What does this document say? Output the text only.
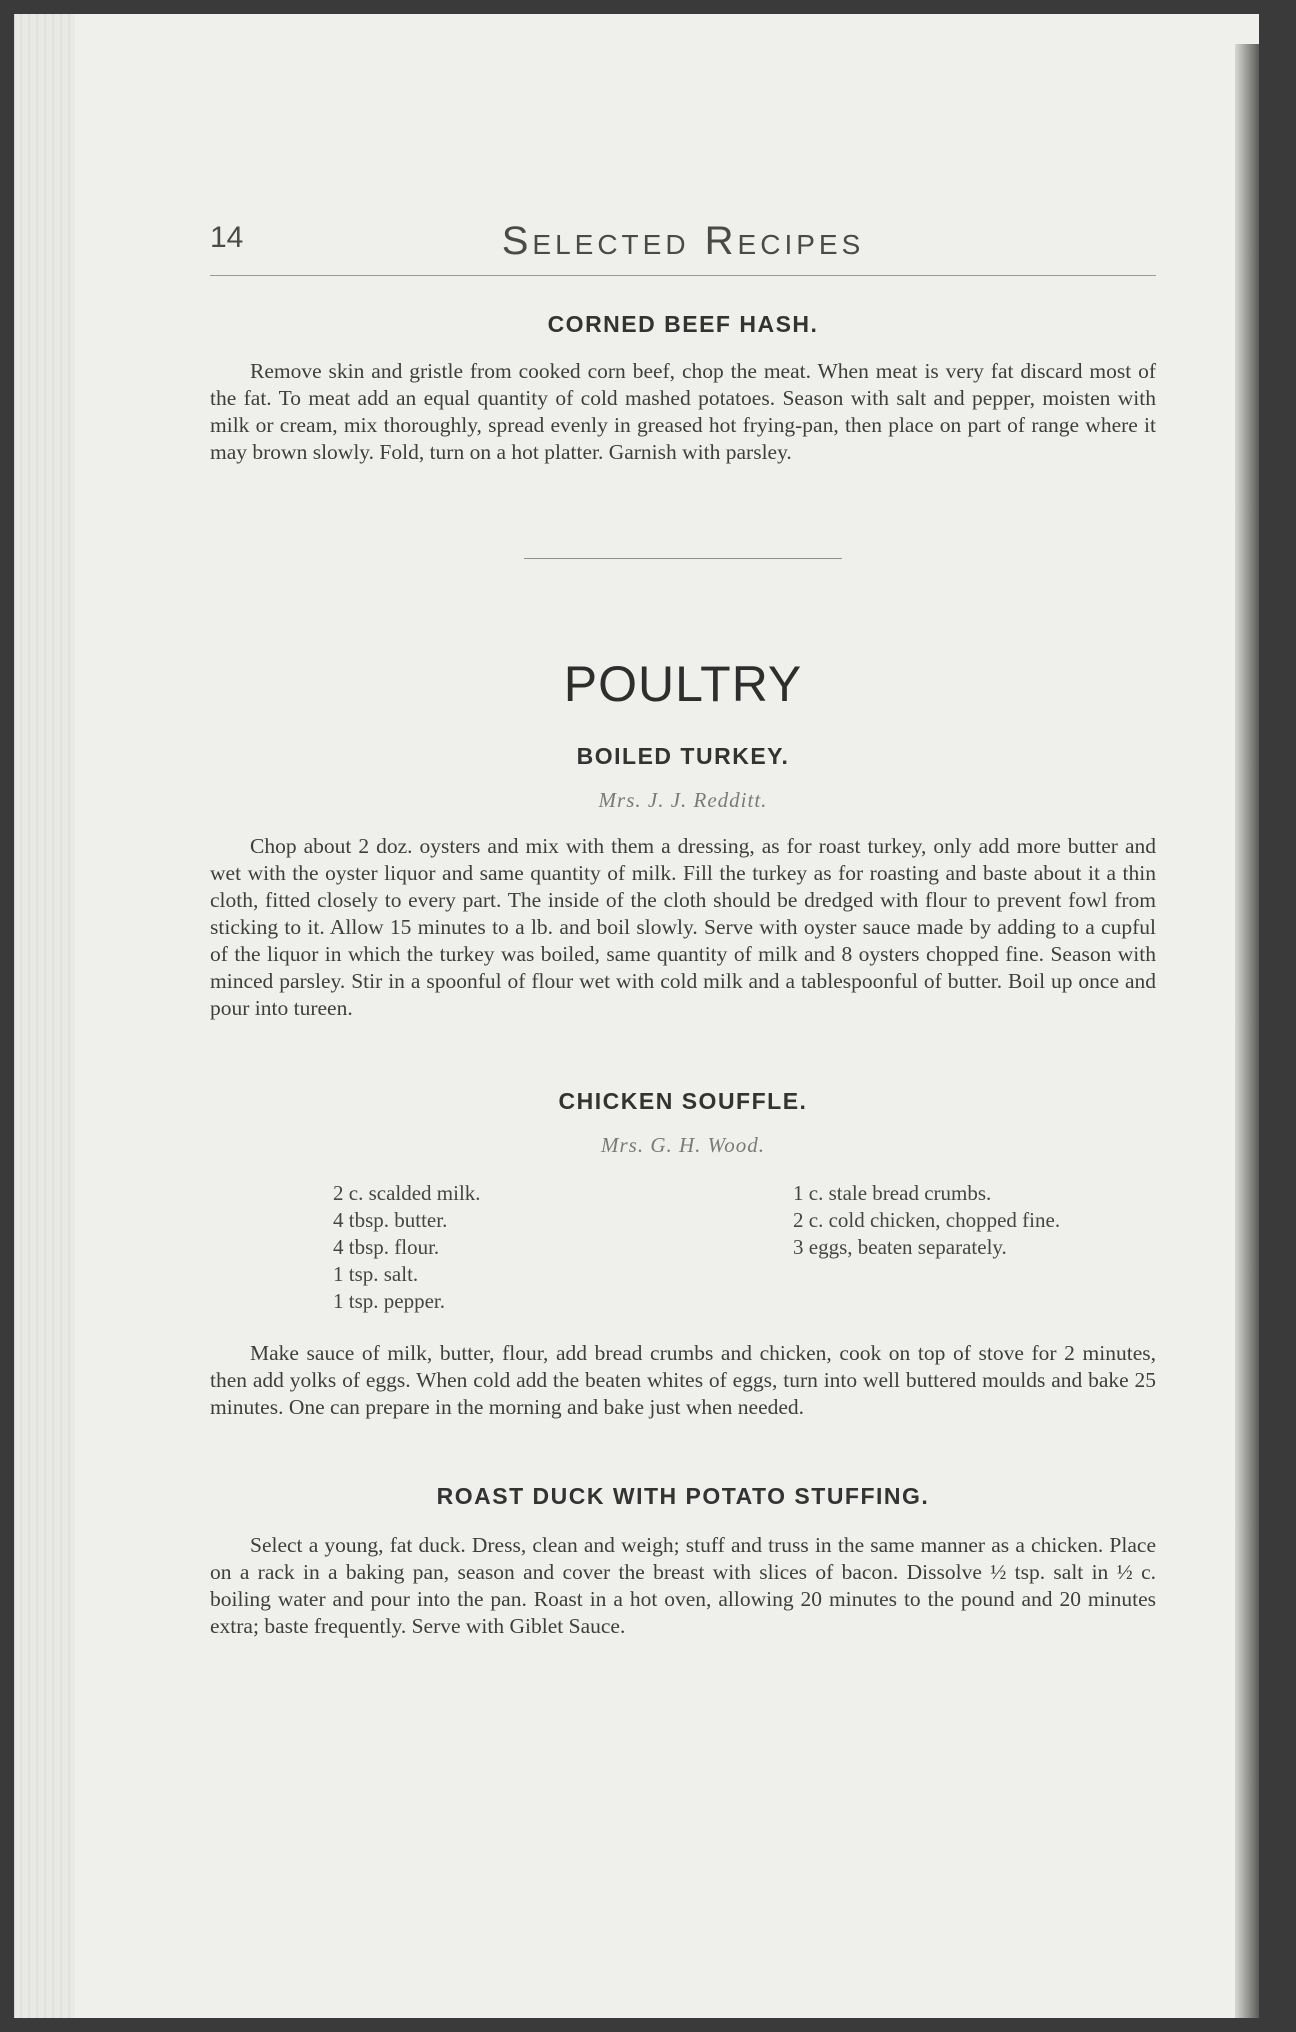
14	Selected Recipes
CORNED BEEF HASH.

Remove skin and gristle from cooked corn beef, chop the meat. When meat is very fat discard most of the fat. To meat add an equal quantity of cold mashed potatoes. Season with salt and pepper, moisten with milk or cream, mix thoroughly, spread evenly in greased hot frying-pan, then place on part of range where it may brown slowly. Fold, turn on a hot platter. Garnish with parsley.

POULTRY
BOILED TURKEY.
Mrs. J. J. Redditt.

Chop about 2 doz. oysters and mix with them a dressing, as for roast turkey, only add more butter and wet with the oyster liquor and same quantity of milk. Fill the turkey as for roasting and baste about it a thin cloth, fitted closely to every part. The inside of the cloth should be dredged with flour to prevent fowl from sticking to it. Allow 15 minutes to a lb. and boil slowly. Serve with oyster sauce made by adding to a cupful of the liquor in which the turkey was boiled, same quantity of milk and 8 oysters chopped fine. Season with minced parsley. Stir in a spoonful of flour wet with cold milk and a tablespoonful of butter. Boil up once and pour into tureen.

CHICKEN SOUFFLE.
Mrs. G. H. Wood.
2 c. scalded milk.
4 tbsp. butter.
4 tbsp. flour.
1 tsp. salt.
1 tsp. pepper.
1 c. stale bread crumbs.
2 c. cold chicken, chopped fine.
3 eggs, beaten separately.

Make sauce of milk, butter, flour, add bread crumbs and chicken, cook on top of stove for 2 minutes, then add yolks of eggs. When cold add the beaten whites of eggs, turn into well buttered moulds and bake 25 minutes. One can prepare in the morning and bake just when needed.

ROAST DUCK WITH POTATO STUFFING.

Select a young, fat duck. Dress, clean and weigh; stuff and truss in the same manner as a chicken. Place on a rack in a baking pan, season and cover the breast with slices of bacon. Dissolve ½ tsp. salt in ½ c. boiling water and pour into the pan. Roast in a hot oven, allowing 20 minutes to the pound and 20 minutes extra; baste frequently. Serve with Giblet Sauce.
